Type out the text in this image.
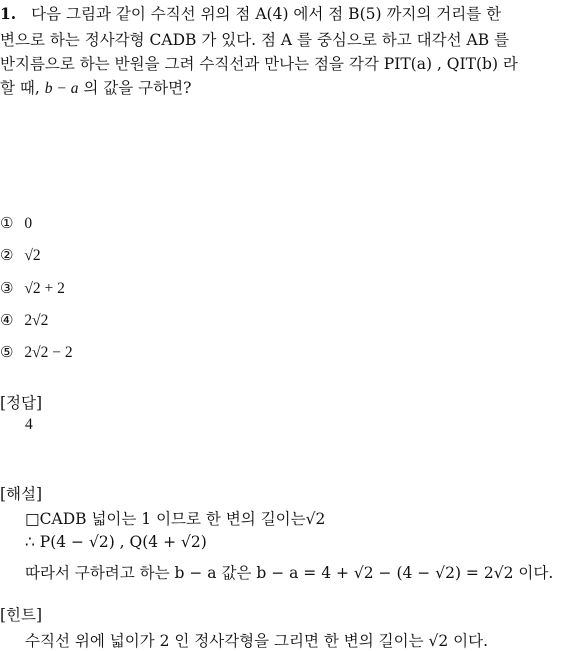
1. 다음 그림과 같이 수직선 위의 점 A(4) 에서 점 B(5) 까지의 거리를 한
변으로 하는 정사각형 CADB 가 있다. 점 A 를 중심으로 하고 대각선 AB 를
반지름으로 하는 반원을 그려 수직선과 만나는 점을 각각 PIT(a) , QIT(b) 라
할 때, b − a 의 값을 구하면?
① 0
② √2
③ √2 + 2
④ 2√2
⑤ 2√2 − 2
[정답]
4
[해설]
□CADB 넓이는 1 이므로 한 변의 길이는√2
∴ P(4 − √2) , Q(4 + √2)
따라서 구하려고 하는 b − a 값은 b − a = 4 + √2 − (4 − √2) = 2√2 이다.
[힌트]
수직선 위에 넓이가 2 인 정사각형을 그리면 한 변의 길이는 √2 이다.
